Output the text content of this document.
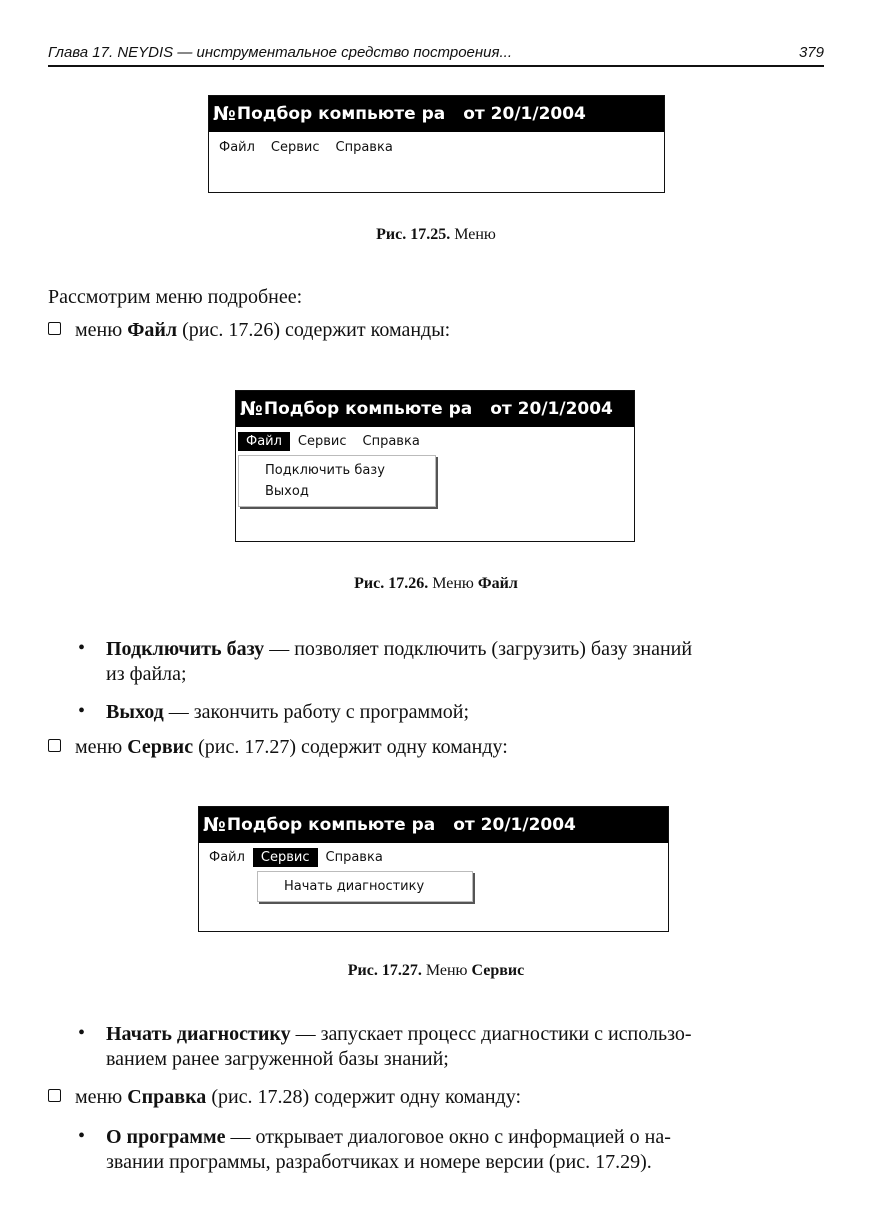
Глава 17. NEYDIS — инструментальное средство построения...	379
№ Подбор компьюте ра от 20/1/2004
Файл	Сервис	Справка
Рис. 17.25. Меню
Рассмотрим меню подробнее:
меню Файл (рис. 17.26) содержит команды:
№ Подбор компьюте ра от 20/1/2004
Файл	Сервис	Справка
Подключить базу
Выход
Рис. 17.26. Меню Файл
• Подключить базу — позволяет подключить (загрузить) базу знаний
из файла;
• Выход — закончить работу с программой;
меню Сервис (рис. 17.27) содержит одну команду:
№ Подбор компьюте ра от 20/1/2004
Файл	Сервис	Справка
Начать диагностику
Рис. 17.27. Меню Сервис
• Начать диагностику — запускает процесс диагностики с использо-
ванием ранее загруженной базы знаний;
меню Справка (рис. 17.28) содержит одну команду:
• О программе — открывает диалоговое окно с информацией о на-
звании программы, разработчиках и номере версии (рис. 17.29).
